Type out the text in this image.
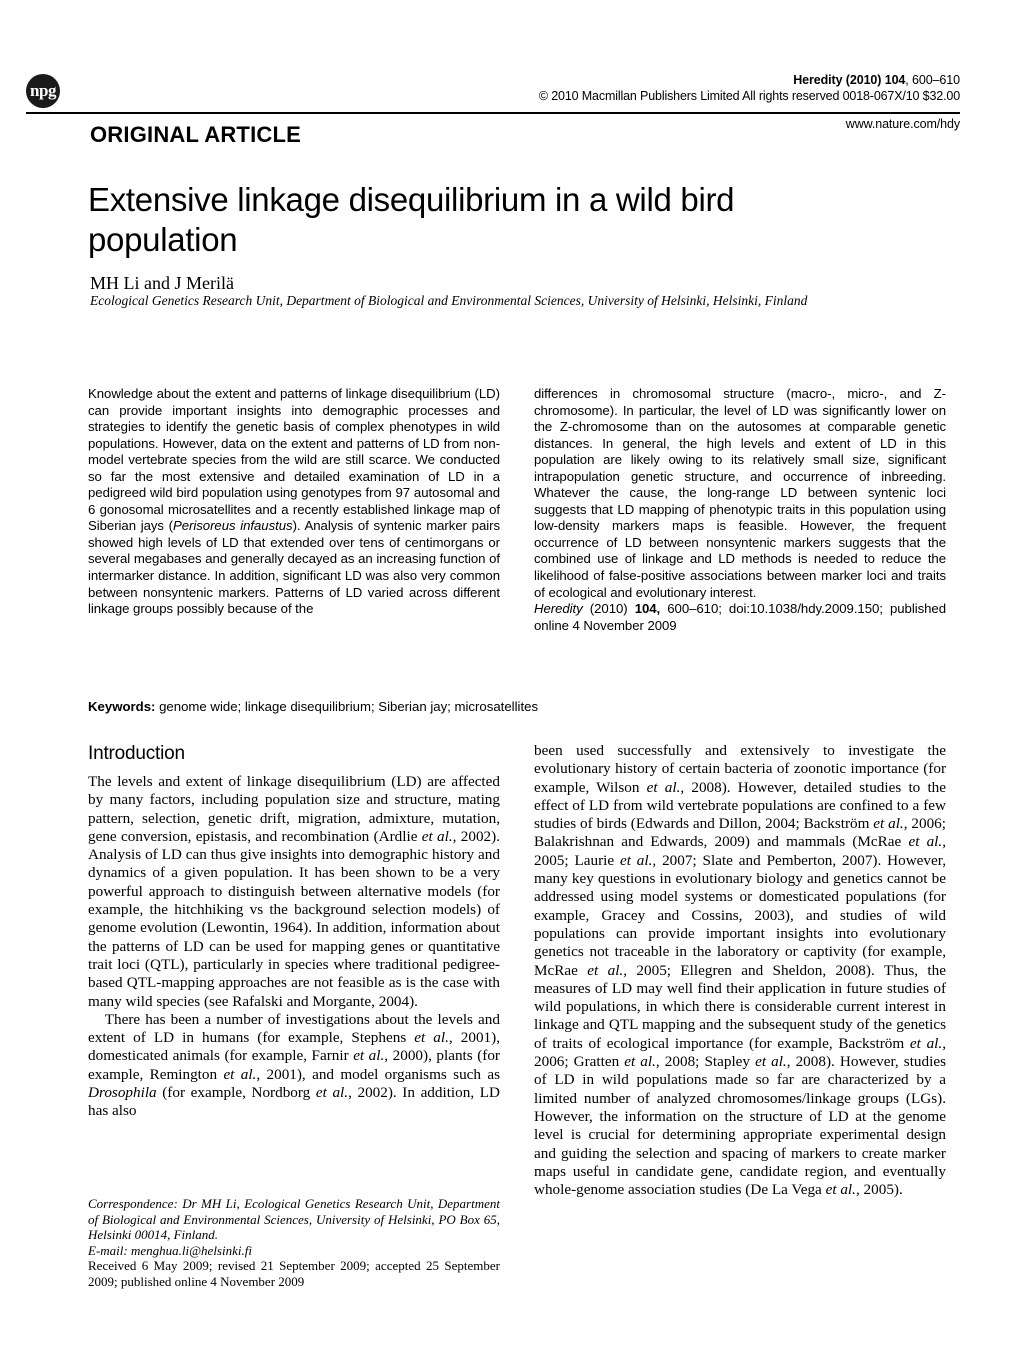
npg
Heredity (2010) 104, 600–610
© 2010 Macmillan Publishers Limited All rights reserved 0018-067X/10 $32.00
www.nature.com/hdy
ORIGINAL ARTICLE
Extensive linkage disequilibrium in a wild bird population
MH Li and J Merilä
Ecological Genetics Research Unit, Department of Biological and Environmental Sciences, University of Helsinki, Helsinki, Finland

Knowledge about the extent and patterns of linkage disequilibrium (LD) can provide important insights into demographic processes and strategies to identify the genetic basis of complex phenotypes in wild populations. However, data on the extent and patterns of LD from non-model vertebrate species from the wild are still scarce. We conducted so far the most extensive and detailed examination of LD in a pedigreed wild bird population using genotypes from 97 autosomal and 6 gonosomal microsatellites and a recently established linkage map of Siberian jays (Perisoreus infaustus). Analysis of syntenic marker pairs showed high levels of LD that extended over tens of centimorgans or several megabases and generally decayed as an increasing function of intermarker distance. In addition, significant LD was also very common between nonsyntenic markers. Patterns of LD varied across different linkage groups possibly because of the

differences in chromosomal structure (macro-, micro-, and Z-chromosome). In particular, the level of LD was significantly lower on the Z-chromosome than on the autosomes at comparable genetic distances. In general, the high levels and extent of LD in this population are likely owing to its relatively small size, significant intrapopulation genetic structure, and occurrence of inbreeding. Whatever the cause, the long-range LD between syntenic loci suggests that LD mapping of phenotypic traits in this population using low-density markers maps is feasible. However, the frequent occurrence of LD between nonsyntenic markers suggests that the combined use of linkage and LD methods is needed to reduce the likelihood of false-positive associations between marker loci and traits of ecological and evolutionary interest.

Heredity (2010) 104, 600–610; doi:10.1038/hdy.2009.150; published online 4 November 2009

Keywords: genome wide; linkage disequilibrium; Siberian jay; microsatellites
Introduction

The levels and extent of linkage disequilibrium (LD) are affected by many factors, including population size and structure, mating pattern, selection, genetic drift, migration, admixture, mutation, gene conversion, epistasis, and recombination (Ardlie et al., 2002). Analysis of LD can thus give insights into demographic history and dynamics of a given population. It has been shown to be a very powerful approach to distinguish between alternative models (for example, the hitchhiking vs the background selection models) of genome evolution (Lewontin, 1964). In addition, information about the patterns of LD can be used for mapping genes or quantitative trait loci (QTL), particularly in species where traditional pedigree-based QTL-mapping approaches are not feasible as is the case with many wild species (see Rafalski and Morgante, 2004).

There has been a number of investigations about the levels and extent of LD in humans (for example, Stephens et al., 2001), domesticated animals (for example, Farnir et al., 2000), plants (for example, Remington et al., 2001), and model organisms such as Drosophila (for example, Nordborg et al., 2002). In addition, LD has also

been used successfully and extensively to investigate the evolutionary history of certain bacteria of zoonotic importance (for example, Wilson et al., 2008). However, detailed studies to the effect of LD from wild vertebrate populations are confined to a few studies of birds (Edwards and Dillon, 2004; Backström et al., 2006; Balakrishnan and Edwards, 2009) and mammals (McRae et al., 2005; Laurie et al., 2007; Slate and Pemberton, 2007). However, many key questions in evolutionary biology and genetics cannot be addressed using model systems or domesticated populations (for example, Gracey and Cossins, 2003), and studies of wild populations can provide important insights into evolutionary genetics not traceable in the laboratory or captivity (for example, McRae et al., 2005; Ellegren and Sheldon, 2008). Thus, the measures of LD may well find their application in future studies of wild populations, in which there is considerable current interest in linkage and QTL mapping and the subsequent study of the genetics of traits of ecological importance (for example, Backström et al., 2006; Gratten et al., 2008; Stapley et al., 2008). However, studies of LD in wild populations made so far are characterized by a limited number of analyzed chromosomes/linkage groups (LGs). However, the information on the structure of LD at the genome level is crucial for determining appropriate experimental design and guiding the selection and spacing of markers to create marker maps useful in candidate gene, candidate region, and eventually whole-genome association studies (De La Vega et al., 2005).

Correspondence: Dr MH Li, Ecological Genetics Research Unit, Department of Biological and Environmental Sciences, University of Helsinki, PO Box 65, Helsinki 00014, Finland.

E-mail: menghua.li@helsinki.fi

Received 6 May 2009; revised 21 September 2009; accepted 25 September 2009; published online 4 November 2009
